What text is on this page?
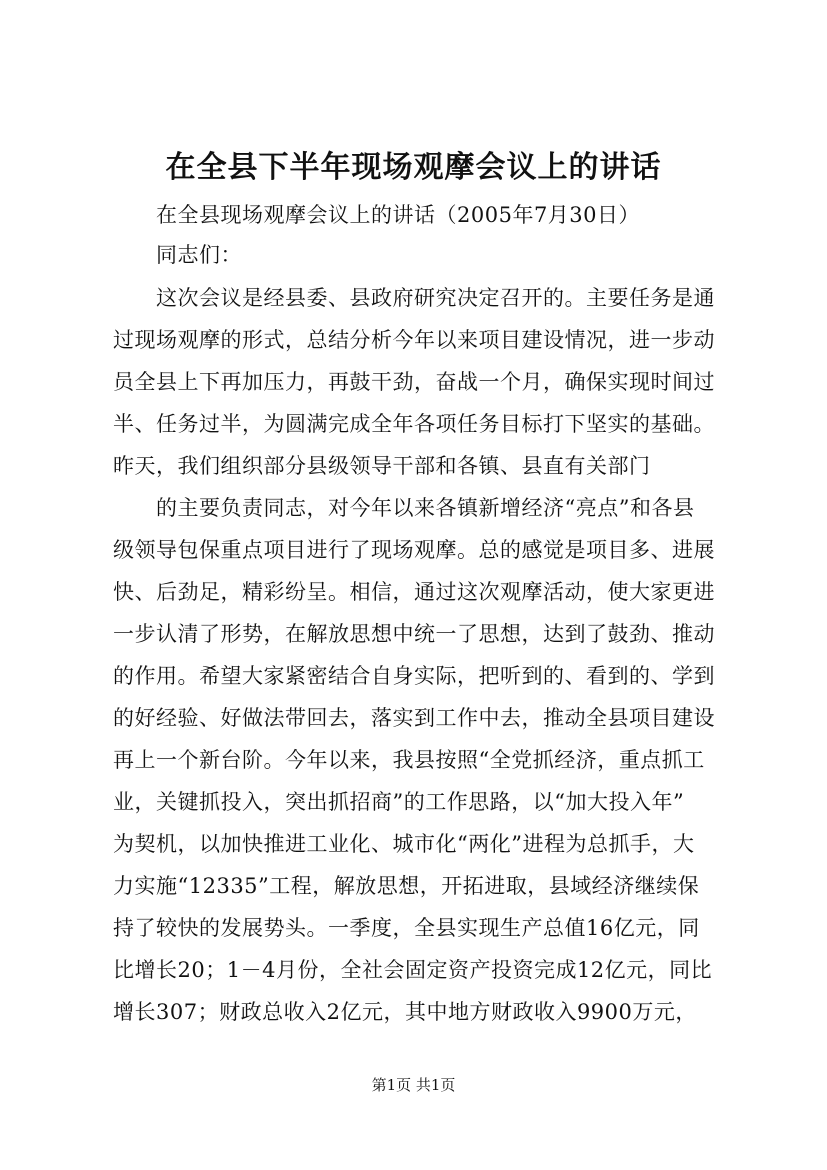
在全县下半年现场观摩会议上的讲话
在全县现场观摩会议上的讲话（2005年7月30日）
同志们：
这次会议是经县委、县政府研究决定召开的。主要任务是通
过现场观摩的形式，总结分析今年以来项目建设情况，进一步动
员全县上下再加压力，再鼓干劲，奋战一个月，确保实现时间过
半、任务过半，为圆满完成全年各项任务目标打下坚实的基础。
昨天，我们组织部分县级领导干部和各镇、县直有关部门
的主要负责同志，对今年以来各镇新增经济“亮点”和各县
级领导包保重点项目进行了现场观摩。总的感觉是项目多、进展
快、后劲足，精彩纷呈。相信，通过这次观摩活动，使大家更进
一步认清了形势，在解放思想中统一了思想，达到了鼓劲、推动
的作用。希望大家紧密结合自身实际，把听到的、看到的、学到
的好经验、好做法带回去，落实到工作中去，推动全县项目建设
再上一个新台阶。今年以来，我县按照“全党抓经济，重点抓工
业，关键抓投入，突出抓招商”的工作思路，以“加大投入年”
为契机，以加快推进工业化、城市化“两化”进程为总抓手，大
力实施“12335”工程，解放思想，开拓进取，县域经济继续保
持了较快的发展势头。一季度，全县实现生产总值16亿元，同
比增长20；1－4月份，全社会固定资产投资完成12亿元，同比
增长307；财政总收入2亿元，其中地方财政收入9900万元，
第1页 共1页
